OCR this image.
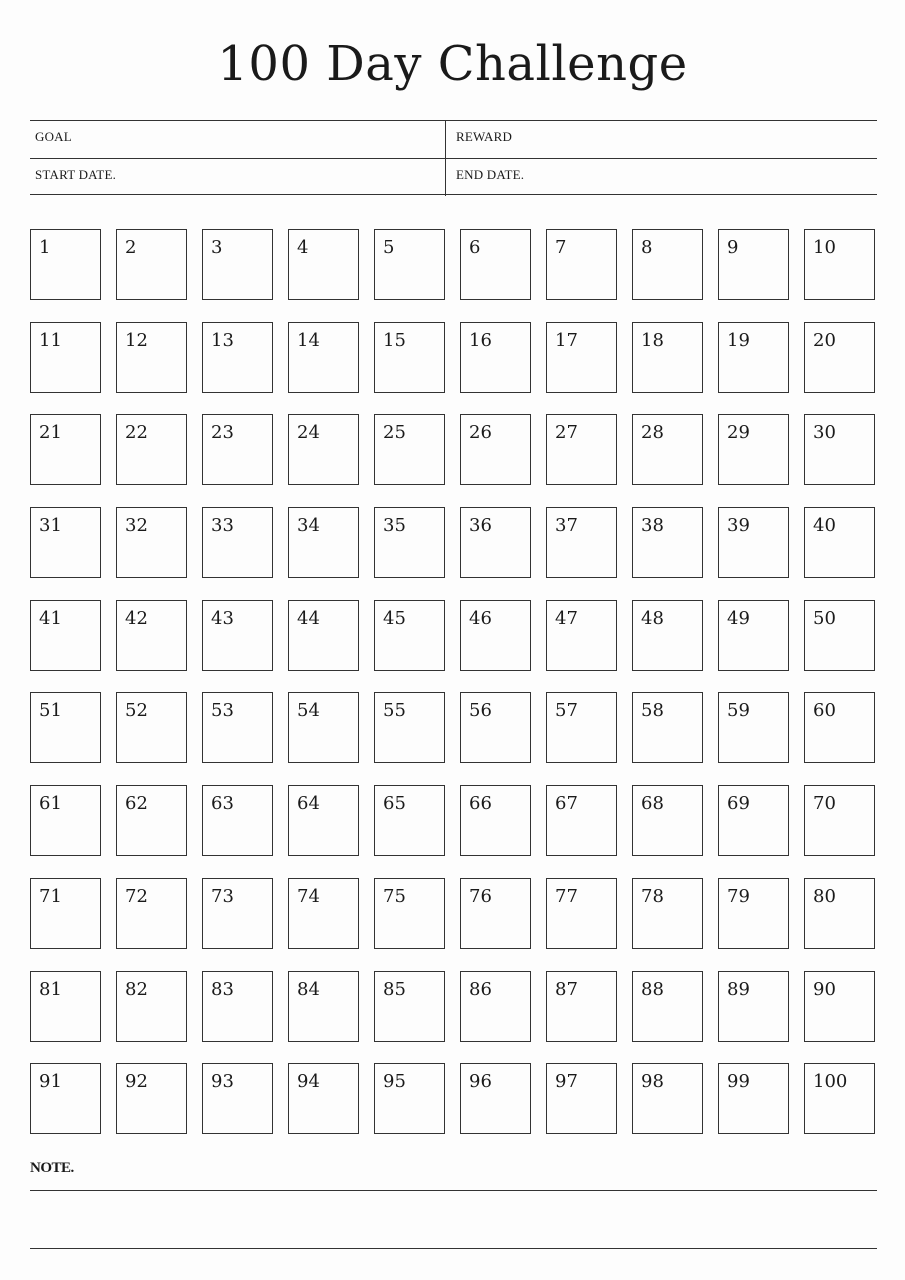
100 Day Challenge
GOAL	REWARD
START DATE.	END DATE.
1	2	3	4	5	6	7	8	9	10
11	12	13	14	15	16	17	18	19	20
21	22	23	24	25	26	27	28	29	30
31	32	33	34	35	36	37	38	39	40
41	42	43	44	45	46	47	48	49	50
51	52	53	54	55	56	57	58	59	60
61	62	63	64	65	66	67	68	69	70
71	72	73	74	75	76	77	78	79	80
81	82	83	84	85	86	87	88	89	90
91	92	93	94	95	96	97	98	99	100
NOTE.
